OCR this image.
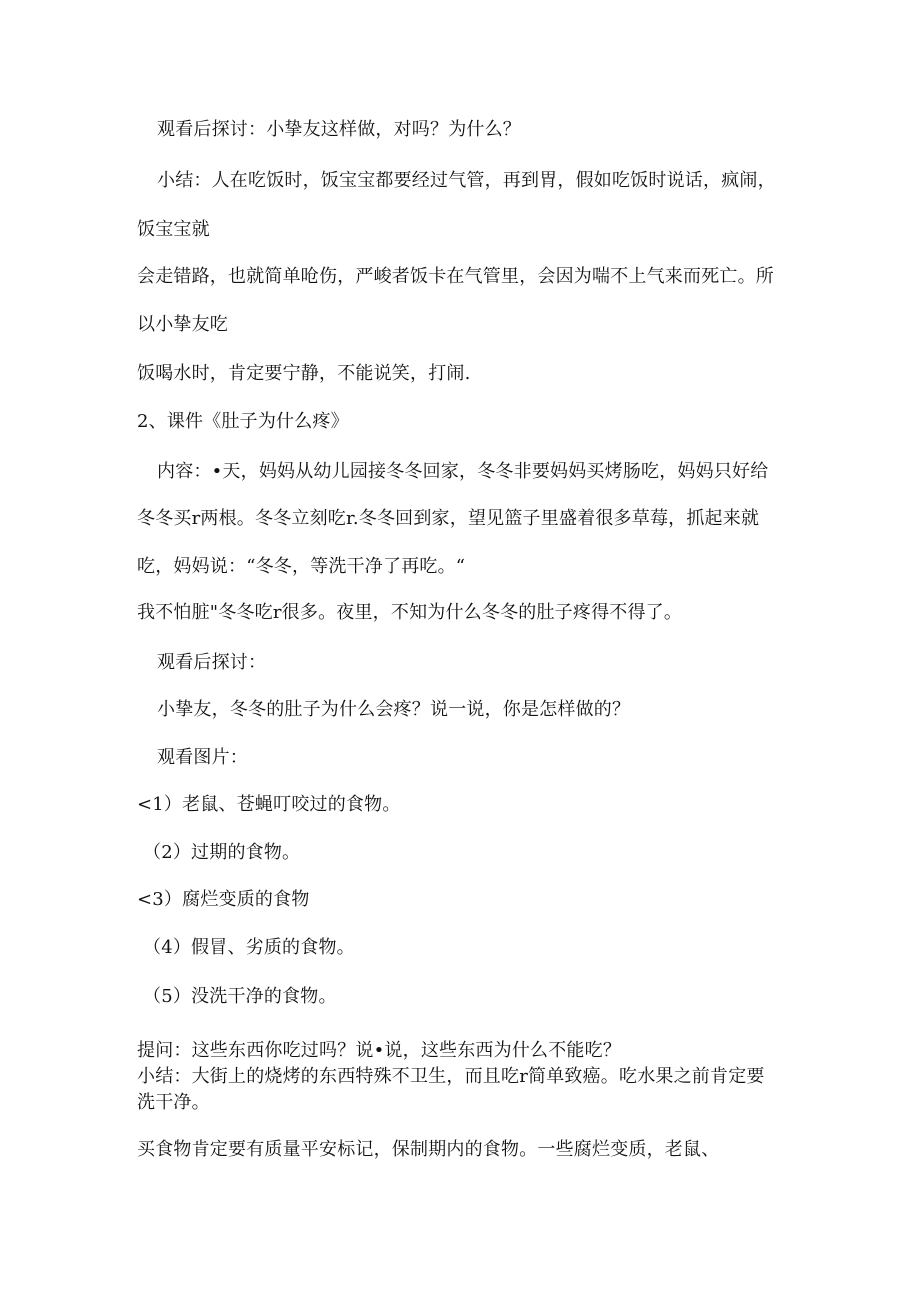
观看后探讨：小挚友这样做，对吗？为什么？
小结：人在吃饭时，饭宝宝都要经过气管，再到胃，假如吃饭时说话，疯闹，
饭宝宝就
会走错路，也就简单呛伤，严峻者饭卡在气管里，会因为喘不上气来而死亡。所
以小挚友吃
饭喝水时，肯定要宁静，不能说笑，打闹.
2、课件《肚子为什么疼》
内容：•天，妈妈从幼儿园接冬冬回家，冬冬非要妈妈买烤肠吃，妈妈只好给
冬冬买r两根。冬冬立刻吃r.冬冬回到家，望见篮子里盛着很多草莓，抓起来就
吃，妈妈说：“冬冬，等洗干净了再吃。“
我不怕脏"冬冬吃r很多。夜里，不知为什么冬冬的肚子疼得不得了。
观看后探讨：
小挚友，冬冬的肚子为什么会疼？说一说，你是怎样做的？
观看图片：
<1）老鼠、苍蝇叮咬过的食物。
（2）过期的食物。
<3）腐烂变质的食物
（4）假冒、劣质的食物。
（5）没洗干净的食物。
提问：这些东西你吃过吗？说•说，这些东西为什么不能吃？
小结：大街上的烧烤的东西特殊不卫生，而且吃r简单致癌。吃水果之前肯定要
洗干净。
买食物肯定要有质量平安标记，保制期内的食物。一些腐烂变质，老鼠、
